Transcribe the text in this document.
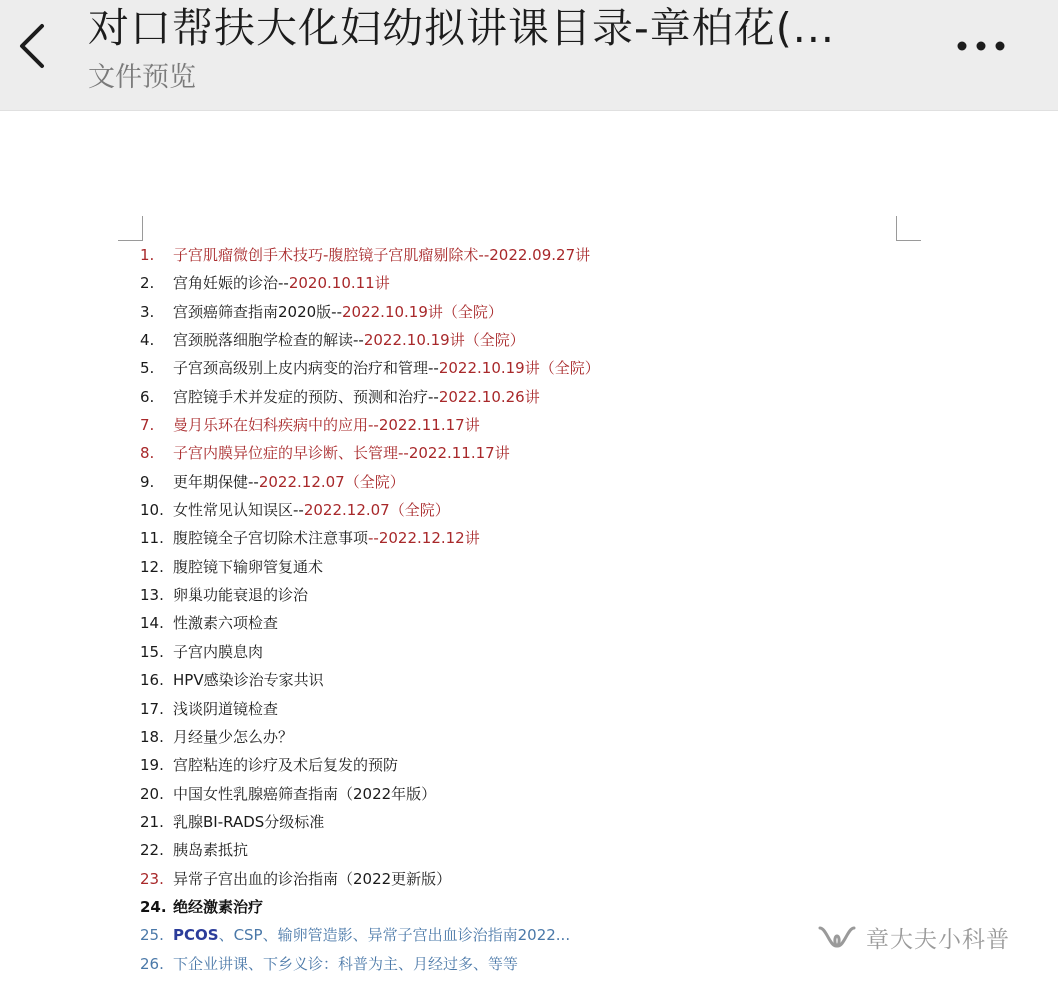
对口帮扶大化妇幼拟讲课目录-章柏花(...
文件预览
1. 子宫肌瘤微创手术技巧-腹腔镜子宫肌瘤剔除术--2022.09.27讲
2. 宫角妊娠的诊治--2020.10.11讲
3. 宫颈癌筛查指南2020版--2022.10.19讲（全院）
4. 宫颈脱落细胞学检查的解读--2022.10.19讲（全院）
5. 子宫颈高级别上皮内病变的治疗和管理--2022.10.19讲（全院）
6. 宫腔镜手术并发症的预防、预测和治疗--2022.10.26讲
7. 曼月乐环在妇科疾病中的应用--2022.11.17讲
8. 子宫内膜异位症的早诊断、长管理--2022.11.17讲
9. 更年期保健--2022.12.07（全院）
10. 女性常见认知误区--2022.12.07（全院）
11. 腹腔镜全子宫切除术注意事项--2022.12.12讲
12. 腹腔镜下输卵管复通术
13. 卵巢功能衰退的诊治
14. 性激素六项检查
15. 子宫内膜息肉
16. HPV感染诊治专家共识
17. 浅谈阴道镜检查
18. 月经量少怎么办？
19. 宫腔粘连的诊疗及术后复发的预防
20. 中国女性乳腺癌筛查指南（2022年版）
21. 乳腺BI-RADS分级标准
22. 胰岛素抵抗
23. 异常子宫出血的诊治指南（2022更新版）
24. 绝经激素治疗
25. PCOS、CSP、输卵管造影、异常子宫出血诊治指南2022...
26. 下企业讲课、下乡义诊：科普为主、月经过多、等等
章大夫小科普
